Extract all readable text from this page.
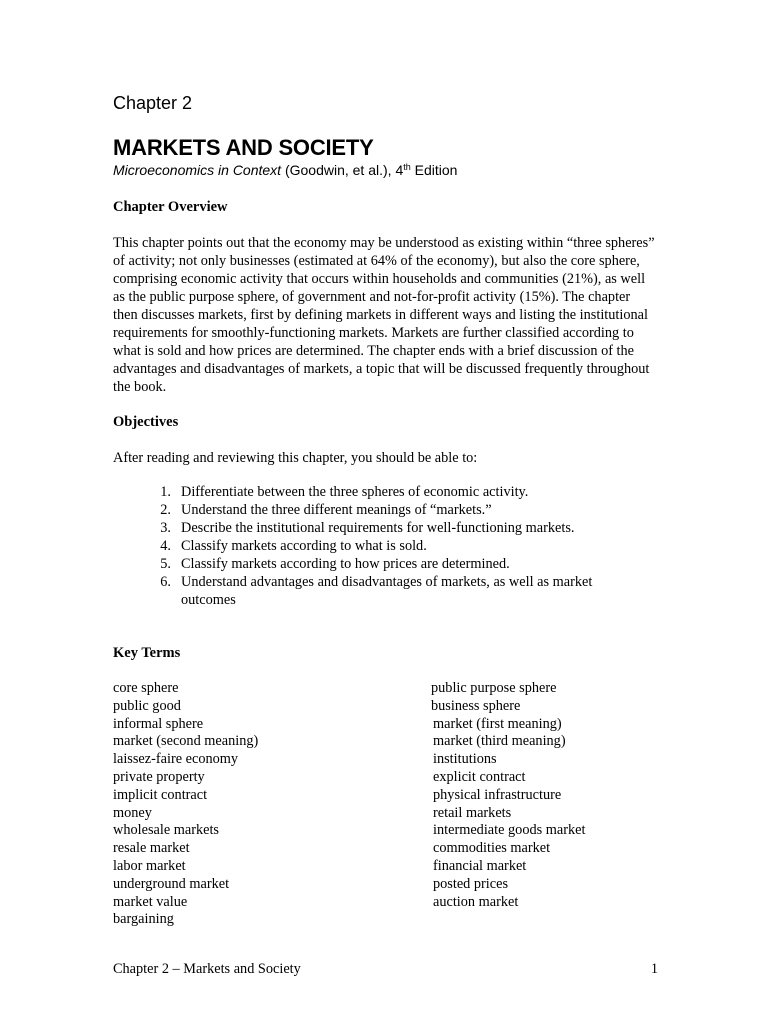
Chapter 2
MARKETS AND SOCIETY
Microeconomics in Context (Goodwin, et al.), 4th Edition
Chapter Overview

This chapter points out that the economy may be understood as existing within “three spheres” of activity; not only businesses (estimated at 64% of the economy), but also the core sphere, comprising economic activity that occurs within households and communities (21%), as well as the public purpose sphere, of government and not-for-profit activity (15%). The chapter then discusses markets, first by defining markets in different ways and listing the institutional requirements for smoothly-functioning markets. Markets are further classified according to what is sold and how prices are determined. The chapter ends with a brief discussion of the advantages and disadvantages of markets, a topic that will be discussed frequently throughout the book.

Objectives

After reading and reviewing this chapter, you should be able to:

1. Differentiate between the three spheres of economic activity.
2. Understand the three different meanings of “markets.”
3. Describe the institutional requirements for well-functioning markets.
4. Classify markets according to what is sold.
5. Classify markets according to how prices are determined.
6. Understand advantages and disadvantages of markets, as well as market outcomes
Key Terms
core sphere
public good
informal sphere
market (second meaning)
laissez-faire economy
private property
implicit contract
money
wholesale markets
resale market
labor market
underground market
market value
bargaining
public purpose sphere
business sphere
market (first meaning)
market (third meaning)
institutions
explicit contract
physical infrastructure
retail markets
intermediate goods market
commodities market
financial market
posted prices
auction market
Chapter 2 – Markets and Society	1
